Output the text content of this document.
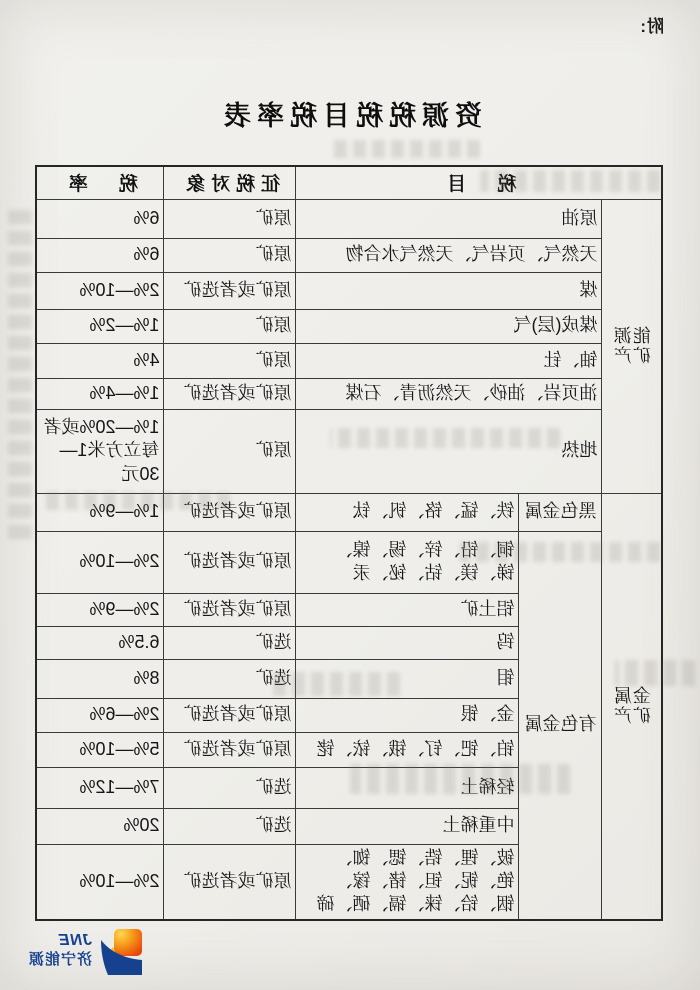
附:
资源税税目税率表
税　目			征税对象	税　率

能源
矿产	原油		原矿	6%
	天然气、页岩气、天然气水合物		原矿	6%
	煤		原矿或者选矿	2%—10%
	煤成(层)气		原矿	1%—2%
	铀、钍		原矿	4%
	油页岩、油砂、天然沥青、石煤		原矿或者选矿	1%—4%
	地热		原矿	1%—20%或者每立方米1—30元

金属
矿产	黑色金属	铁、锰、铬、钒、钛	原矿或者选矿	1%—9%
	有色金属	铜、铅、锌、锡、镍、锑、镁、钴、铋、汞	原矿或者选矿	2%—10%
		铝土矿	原矿或者选矿	2%—9%
		钨	选矿	6.5%
		钼	选矿	8%
		金、银	原矿或者选矿	2%—6%
		铂、钯、钌、锇、铱、铑	原矿或者选矿	5%—10%
		轻稀土	选矿	7%—12%
		中重稀土	选矿	20%
		铍、锂、锆、锶、铷、铯、铌、钽、锗、镓、铟、铪、铼、镉、硒、碲	原矿或者选矿	2%—10%
JNE
济宁能源
